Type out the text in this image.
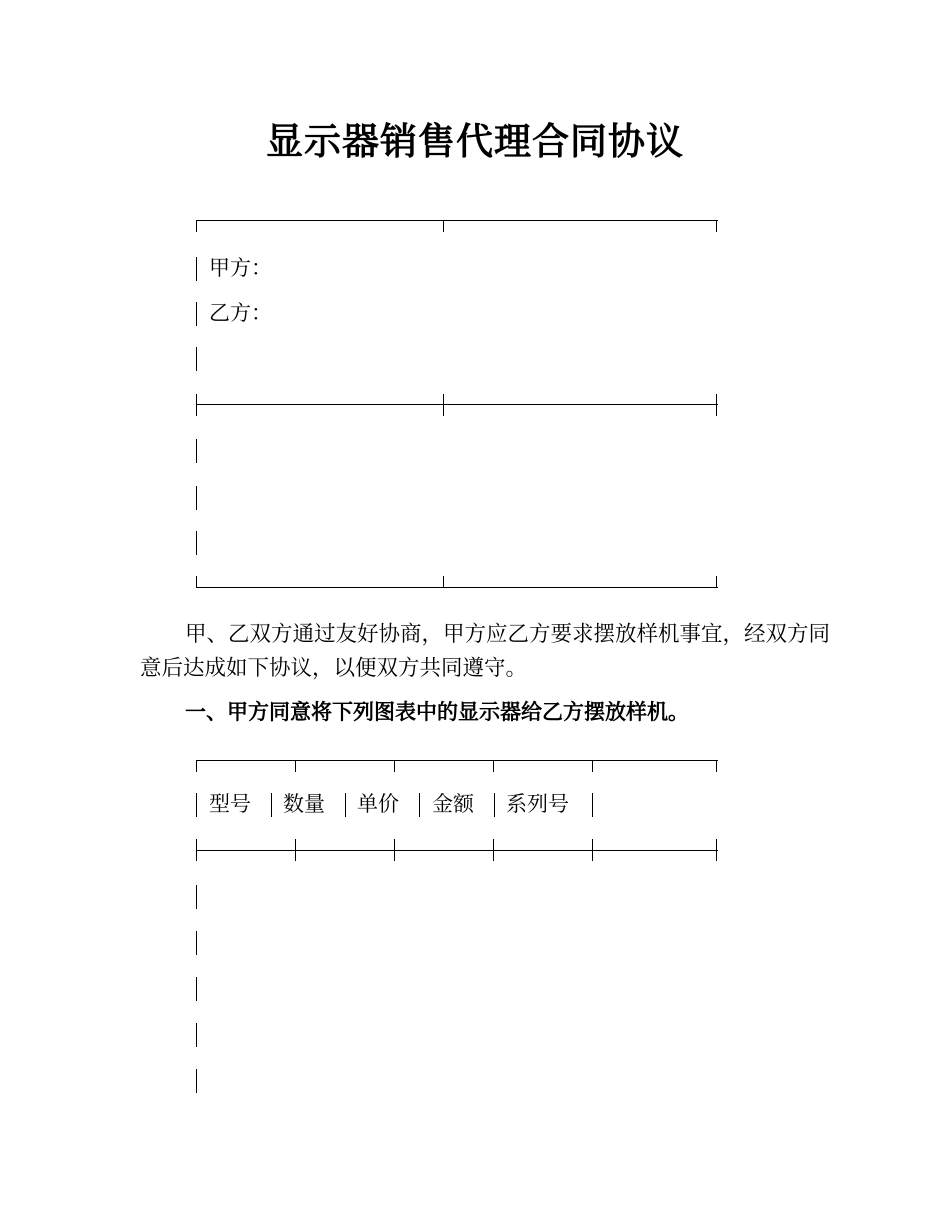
显示器销售代理合同协议
甲方：
乙方：

甲、乙双方通过友好协商，甲方应乙方要求摆放样机事宜，经双方同意后达成如下协议，以便双方共同遵守。

一、甲方同意将下列图表中的显示器给乙方摆放样机。
型号 数量 单价 金额 系列号
